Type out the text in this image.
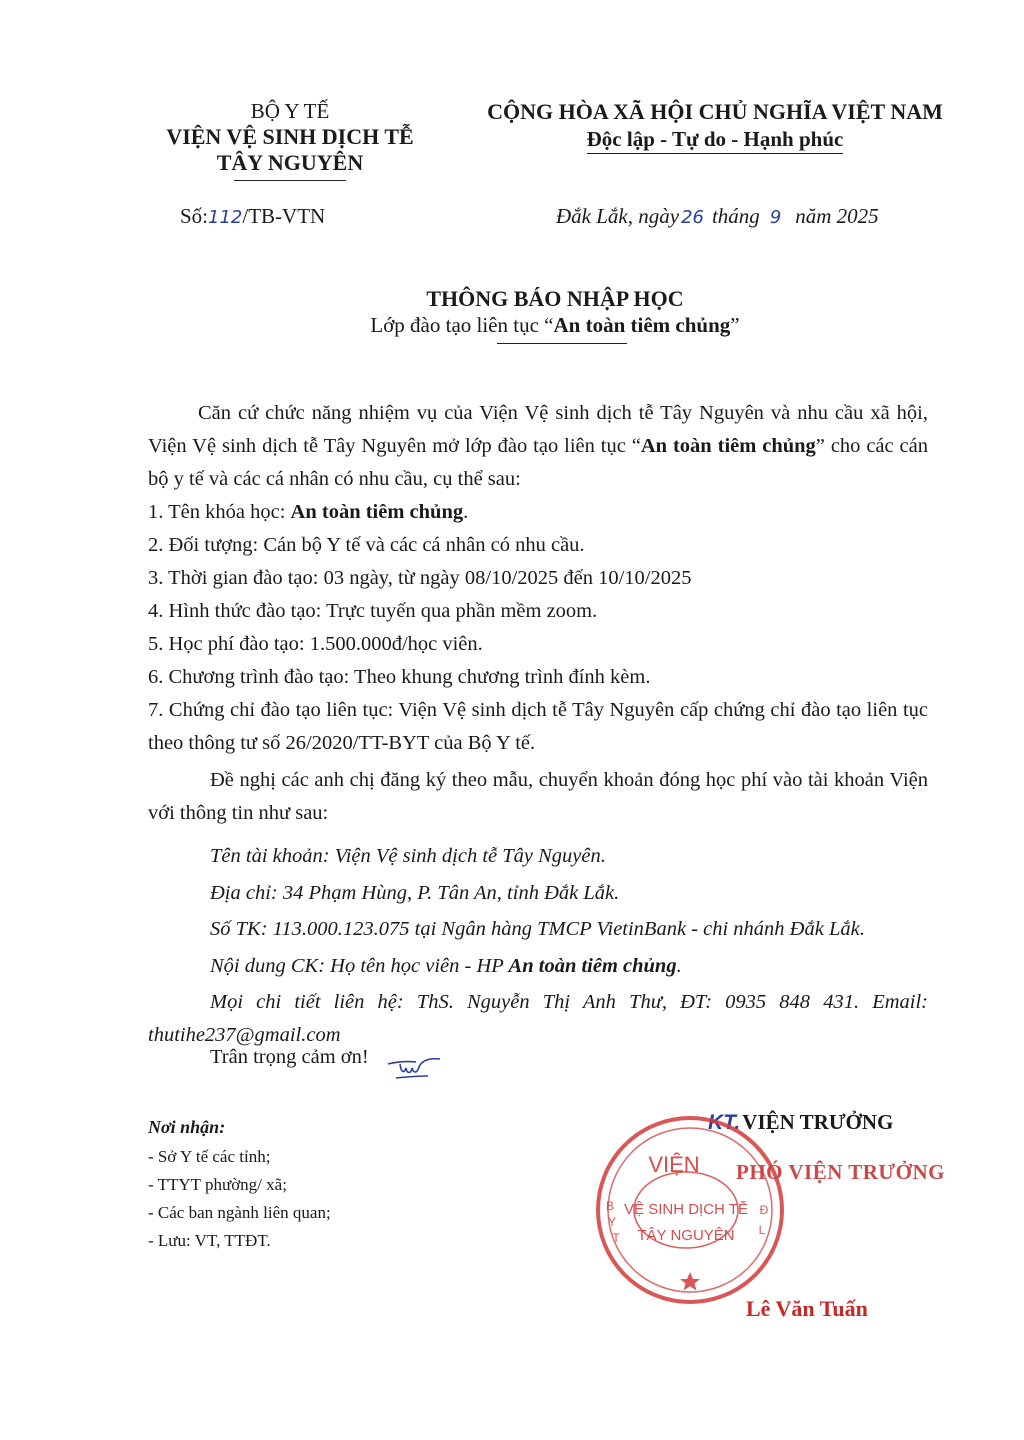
BỘ Y TẾ
VIỆN VỆ SINH DỊCH TỄ
TÂY NGUYÊN
CỘNG HÒA XÃ HỘI CHỦ NGHĨA VIỆT NAM
Độc lập - Tự do - Hạnh phúc
Số:112/TB-VTN	Đắk Lắk, ngày 26 tháng 9 năm 2025
THÔNG BÁO NHẬP HỌC
Lớp đào tạo liên tục “An toàn tiêm chủng”
Căn cứ chức năng nhiệm vụ của Viện Vệ sinh dịch tễ Tây Nguyên và nhu cầu xã hội, Viện Vệ sinh dịch tễ Tây Nguyên mở lớp đào tạo liên tục “An toàn tiêm chủng” cho các cán bộ y tế và các cá nhân có nhu cầu, cụ thể sau:
1. Tên khóa học: An toàn tiêm chủng.
2. Đối tượng: Cán bộ Y tế và các cá nhân có nhu cầu.
3. Thời gian đào tạo: 03 ngày, từ ngày 08/10/2025 đến 10/10/2025
4. Hình thức đào tạo: Trực tuyến qua phần mềm zoom.
5. Học phí đào tạo: 1.500.000đ/học viên.
6. Chương trình đào tạo: Theo khung chương trình đính kèm.
7. Chứng chỉ đào tạo liên tục: Viện Vệ sinh dịch tễ Tây Nguyên cấp chứng chỉ đào tạo liên tục theo thông tư số 26/2020/TT-BYT của Bộ Y tế.
Đề nghị các anh chị đăng ký theo mẫu, chuyển khoản đóng học phí vào tài khoản Viện với thông tin như sau:
Tên tài khoản: Viện Vệ sinh dịch tễ Tây Nguyên.
Địa chỉ: 34 Phạm Hùng, P. Tân An, tỉnh Đắk Lắk.
Số TK: 113.000.123.075 tại Ngân hàng TMCP VietinBank - chi nhánh Đắk Lắk.
Nội dung CK: Họ tên học viên - HP An toàn tiêm chủng.
Mọi chi tiết liên hệ: ThS. Nguyễn Thị Anh Thư, ĐT: 0935 848 431. Email: thutihe237@gmail.com
Trân trọng cảm ơn!
Nơi nhận:
- Sở Y tế các tỉnh;
- TTYT phường/ xã;
- Các ban ngành liên quan;
- Lưu: VT, TTĐT.
KT.VIỆN TRƯỞNG
VIỆN
VỆ SINH DỊCH TỄ
TÂY NGUYÊN
B
Y
T
Đ
L
PHÓ VIỆN TRƯỞNG
Lê Văn Tuấn
